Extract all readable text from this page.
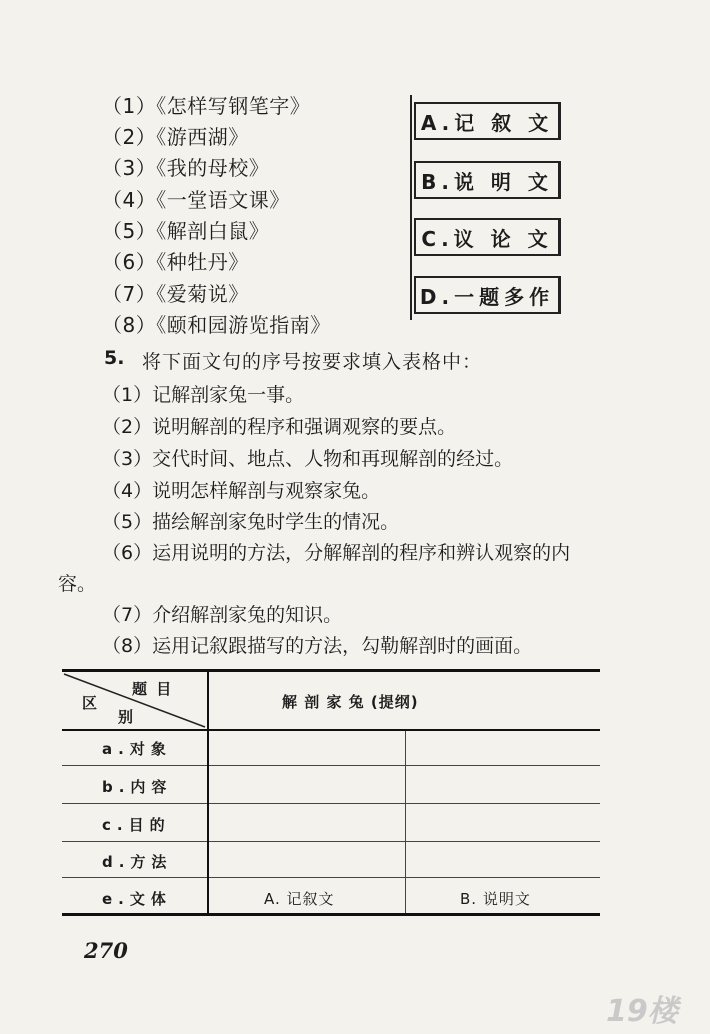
（1）《怎样写钢笔字》
（2）《游西湖》
（3）《我的母校》
（4）《一堂语文课》
（5）《解剖白鼠》
（6）《种牡丹》
（7）《爱菊说》
（8）《颐和园游览指南》
A.记 叙 文
B.说 明 文
C.议 论 文
D.一题多作
5. 将下面文句的序号按要求填入表格中：
（1）记解剖家兔一事。
（2）说明解剖的程序和强调观察的要点。
（3）交代时间、地点、人物和再现解剖的经过。
（4）说明怎样解剖与观察家兔。
（5）描绘解剖家兔时学生的情况。
（6）运用说明的方法，分解解剖的程序和辨认观察的内
容。
（7）介绍解剖家兔的知识。
（8）运用记叙跟描写的方法，勾勒解剖时的画面。
题 目
区
别
解 剖 家 兔 (提纲)
a.对象
b.内容
c.目的
d.方法
e.文体	A. 记叙文	B. 说明文
270
19楼
